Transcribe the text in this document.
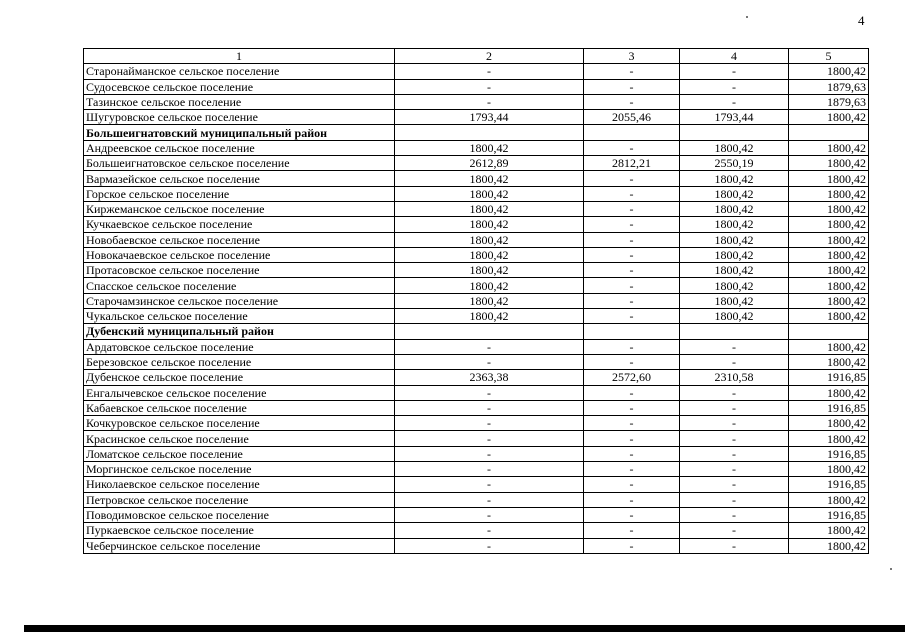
4
1	2	3	4	5
Старонайманское сельское поселение	-	-	-	1800,42
Судосевское сельское поселение	-	-	-	1879,63
Тазинское сельское поселение	-	-	-	1879,63
Шугуровское сельское поселение	1793,44	2055,46	1793,44	1800,42
Большеигнатовский муниципальный район				
Андреевское сельское поселение	1800,42	-	1800,42	1800,42
Большеигнатовское сельское поселение	2612,89	2812,21	2550,19	1800,42
Вармазейское сельское поселение	1800,42	-	1800,42	1800,42
Горское сельское поселение	1800,42	-	1800,42	1800,42
Киржеманское сельское поселение	1800,42	-	1800,42	1800,42
Кучкаевское сельское поселение	1800,42	-	1800,42	1800,42
Новобаевское сельское поселение	1800,42	-	1800,42	1800,42
Новокачаевское сельское поселение	1800,42	-	1800,42	1800,42
Протасовское сельское поселение	1800,42	-	1800,42	1800,42
Спасское сельское поселение	1800,42	-	1800,42	1800,42
Старочамзинское сельское поселение	1800,42	-	1800,42	1800,42
Чукальское сельское поселение	1800,42	-	1800,42	1800,42
Дубенский муниципальный район				
Ардатовское сельское поселение	-	-	-	1800,42
Березовское сельское поселение	-	-	-	1800,42
Дубенское сельское поселение	2363,38	2572,60	2310,58	1916,85
Енгалычевское сельское поселение	-	-	-	1800,42
Кабаевское сельское поселение	-	-	-	1916,85
Кочкуровское сельское поселение	-	-	-	1800,42
Красинское сельское поселение	-	-	-	1800,42
Ломатское сельское поселение	-	-	-	1916,85
Моргинское сельское поселение	-	-	-	1800,42
Николаевское сельское поселение	-	-	-	1916,85
Петровское сельское поселение	-	-	-	1800,42
Поводимовское сельское поселение	-	-	-	1916,85
Пуркаевское сельское поселение	-	-	-	1800,42
Чеберчинское сельское поселение	-	-	-	1800,42
